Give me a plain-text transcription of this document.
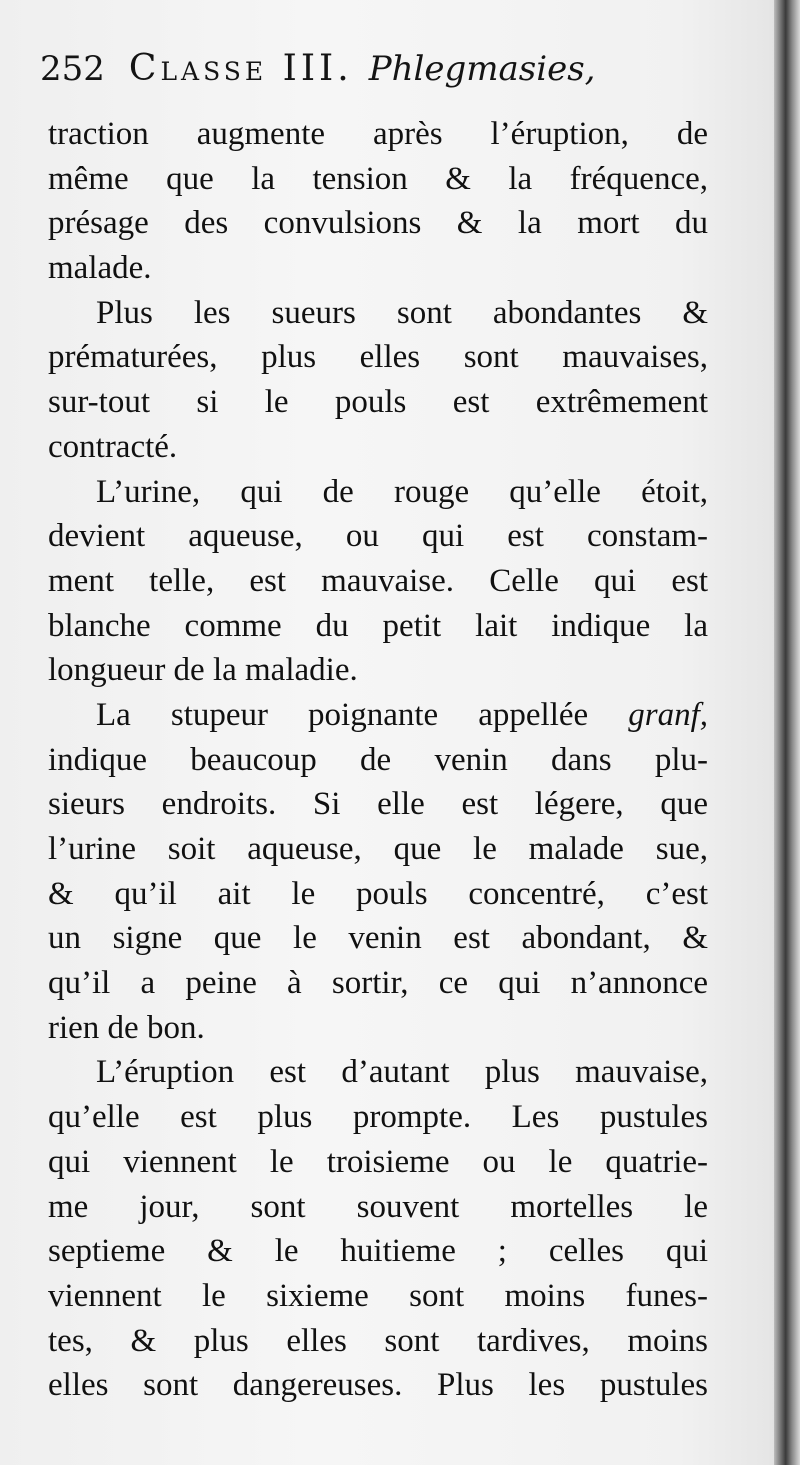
252 Classe III. Phlegmasies,
traction augmente après l’éruption, de
même que la tension & la fréquence,
présage des convulsions & la mort du
malade.
Plus les sueurs sont abondantes &
prématurées, plus elles sont mauvaises,
sur-tout si le pouls est extrêmement
contracté.
L’urine, qui de rouge qu’elle étoit,
devient aqueuse, ou qui est constam-
ment telle, est mauvaise. Celle qui est
blanche comme du petit lait indique la
longueur de la maladie.
La stupeur poignante appellée granf,
indique beaucoup de venin dans plu-
sieurs endroits. Si elle est légere, que
l’urine soit aqueuse, que le malade sue,
& qu’il ait le pouls concentré, c’est
un signe que le venin est abondant, &
qu’il a peine à sortir, ce qui n’annonce
rien de bon.
L’éruption est d’autant plus mauvaise,
qu’elle est plus prompte. Les pustules
qui viennent le troisieme ou le quatrie-
me jour, sont souvent mortelles le
septieme & le huitieme ; celles qui
viennent le sixieme sont moins funes-
tes, & plus elles sont tardives, moins
elles sont dangereuses. Plus les pustules
